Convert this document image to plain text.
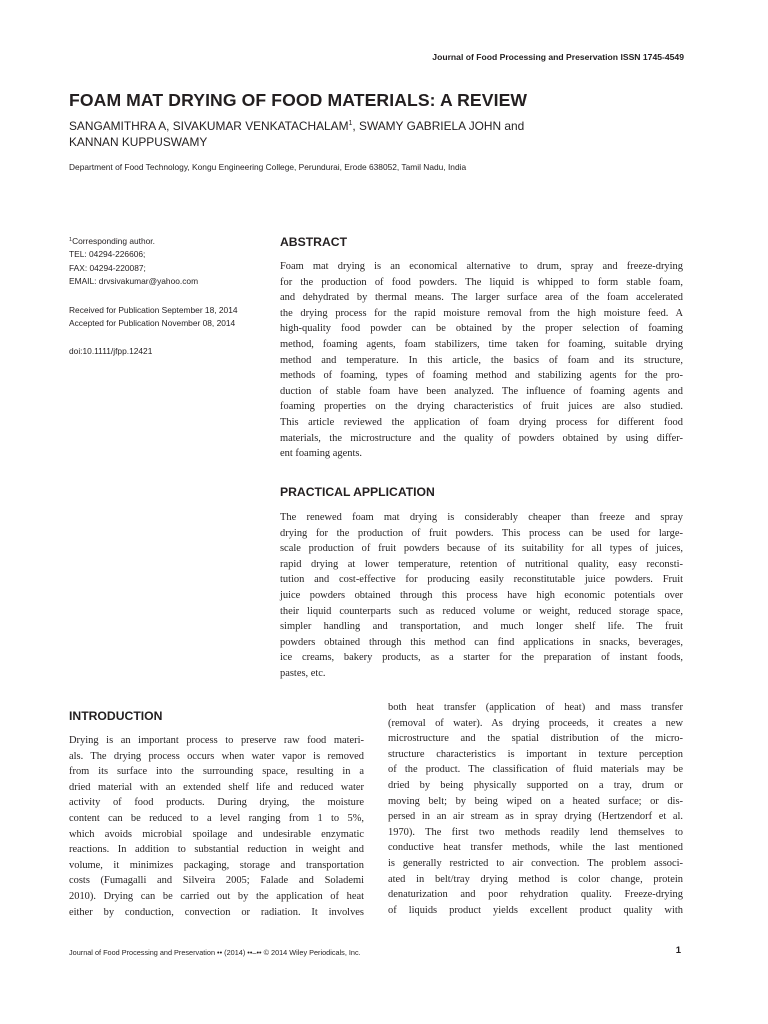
Journal of Food Processing and Preservation ISSN 1745-4549
FOAM MAT DRYING OF FOOD MATERIALS: A REVIEW
SANGAMITHRA A, SIVAKUMAR VENKATACHALAM$^1$, SWAMY GABRIELA JOHN and
KANNAN KUPPUSWAMY
Department of Food Technology, Kongu Engineering College, Perundurai, Erode 638052, Tamil Nadu, India
$^1$Corresponding author.
TEL: 04294-226606;
FAX: 04294-220087;
EMAIL: drvsivakumar@yahoo.com
Received for Publication September 18, 2014
Accepted for Publication November 08, 2014
doi:10.1111/jfpp.12421
ABSTRACT
Foam mat drying is an economical alternative to drum, spray and freeze-drying
for the production of food powders. The liquid is whipped to form stable foam,
and dehydrated by thermal means. The larger surface area of the foam accelerated
the drying process for the rapid moisture removal from the high moisture feed. A
high-quality food powder can be obtained by the proper selection of foaming
method, foaming agents, foam stabilizers, time taken for foaming, suitable drying
method and temperature. In this article, the basics of foam and its structure,
methods of foaming, types of foaming method and stabilizing agents for the pro-
duction of stable foam have been analyzed. The influence of foaming agents and
foaming properties on the drying characteristics of fruit juices are also studied.
This article reviewed the application of foam drying process for different food
materials, the microstructure and the quality of powders obtained by using differ-
ent foaming agents.
PRACTICAL APPLICATION
The renewed foam mat drying is considerably cheaper than freeze and spray
drying for the production of fruit powders. This process can be used for large-
scale production of fruit powders because of its suitability for all types of juices,
rapid drying at lower temperature, retention of nutritional quality, easy reconsti-
tution and cost-effective for producing easily reconstitutable juice powders. Fruit
juice powders obtained through this process have high economic potentials over
their liquid counterparts such as reduced volume or weight, reduced storage space,
simpler handling and transportation, and much longer shelf life. The fruit
powders obtained through this method can find applications in snacks, beverages,
ice creams, bakery products, as a starter for the preparation of instant foods,
pastes, etc.
INTRODUCTION
Drying is an important process to preserve raw food materi-
als. The drying process occurs when water vapor is removed
from its surface into the surrounding space, resulting in a
dried material with an extended shelf life and reduced water
activity of food products. During drying, the moisture
content can be reduced to a level ranging from 1 to 5%,
which avoids microbial spoilage and undesirable enzymatic
reactions. In addition to substantial reduction in weight and
volume, it minimizes packaging, storage and transportation
costs (Fumagalli and Silveira 2005; Falade and Solademi
2010). Drying can be carried out by the application of heat
either by conduction, convection or radiation. It involves
both heat transfer (application of heat) and mass transfer
(removal of water). As drying proceeds, it creates a new
microstructure and the spatial distribution of the micro-
structure characteristics is important in texture perception
of the product. The classification of fluid materials may be
dried by being physically supported on a tray, drum or
moving belt; by being wiped on a heated surface; or dis-
persed in an air stream as in spray drying (Hertzendorf et al.
1970). The first two methods readily lend themselves to
conductive heat transfer methods, while the last mentioned
is generally restricted to air convection. The problem associ-
ated in belt/tray drying method is color change, protein
denaturization and poor rehydration quality. Freeze-drying
of liquids product yields excellent product quality with
Journal of Food Processing and Preservation •• (2014) ••–•• © 2014 Wiley Periodicals, Inc.	1
